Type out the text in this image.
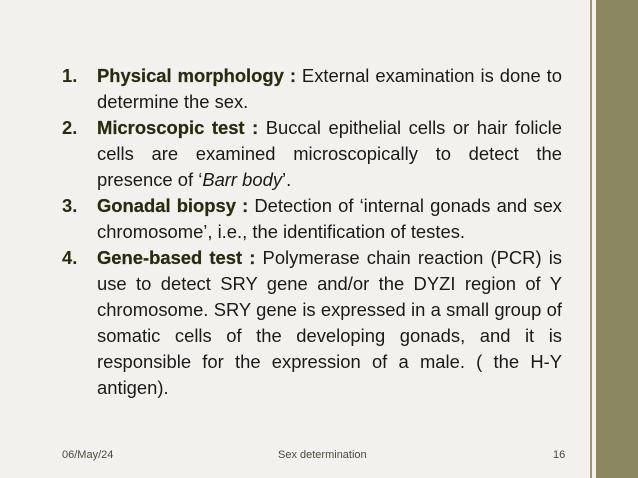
1.	Physical morphology : External examination is done to determine the sex.
2.	Microscopic test : Buccal epithelial cells or hair folicle cells are examined microscopically to detect the presence of ‘Barr body’.
3.	Gonadal biopsy : Detection of ‘internal gonads and sex chromosome’, i.e., the identification of testes.
4.	Gene-based test : Polymerase chain reaction (PCR) is use to detect SRY gene and/or the DYZI region of Y chromosome. SRY gene is expressed in a small group of somatic cells of the developing gonads, and it is responsible for the expression of a male. ( the H-Y antigen).
06/May/24	Sex determination	16
